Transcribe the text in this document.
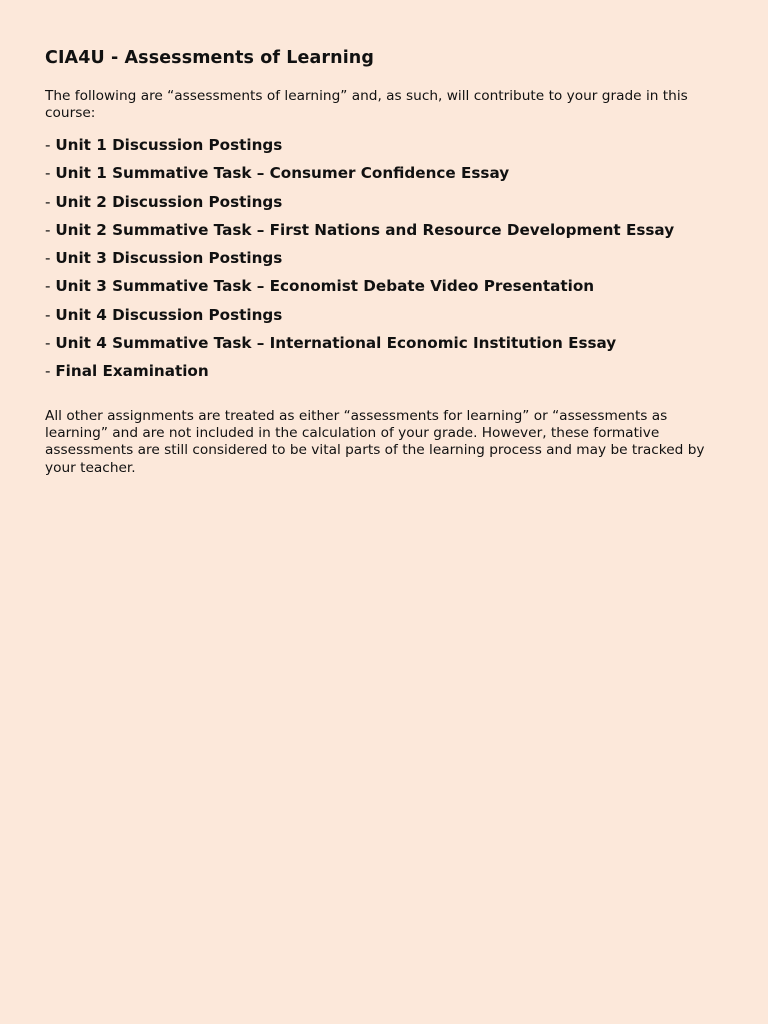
CIA4U - Assessments of Learning

The following are “assessments of learning” and, as such, will contribute to your grade in this course:

- Unit 1 Discussion Postings
- Unit 1 Summative Task – Consumer Confidence Essay
- Unit 2 Discussion Postings
- Unit 2 Summative Task – First Nations and Resource Development Essay
- Unit 3 Discussion Postings
- Unit 3 Summative Task – Economist Debate Video Presentation
- Unit 4 Discussion Postings
- Unit 4 Summative Task – International Economic Institution Essay
- Final Examination

All other assignments are treated as either “assessments for learning” or “assessments as learning” and are not included in the calculation of your grade. However, these formative assessments are still considered to be vital parts of the learning process and may be tracked by your teacher.
